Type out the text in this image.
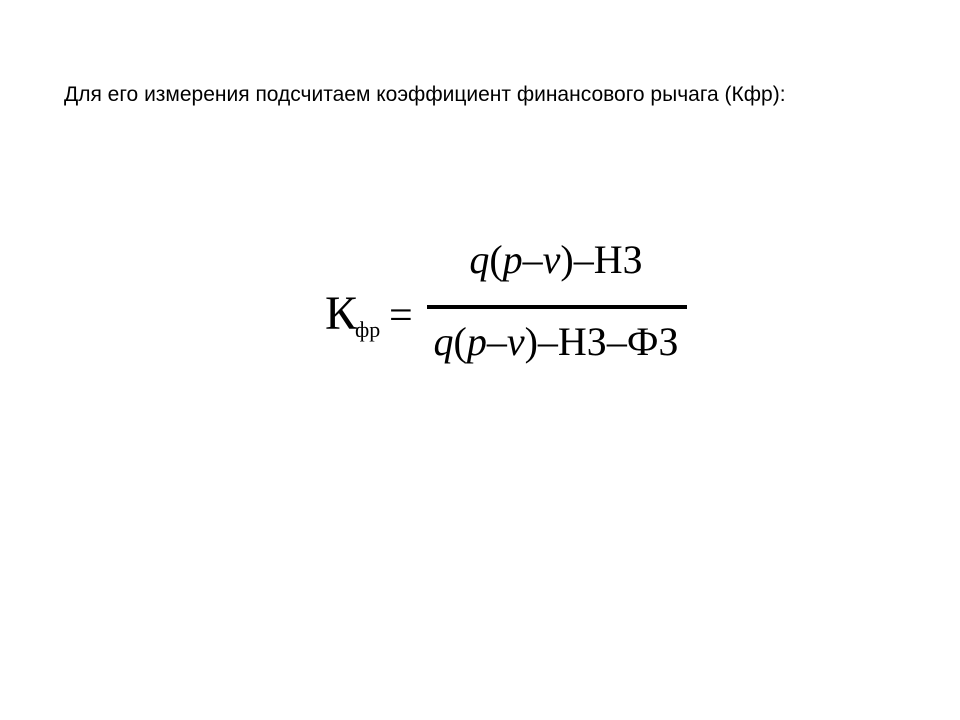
Для его измерения подсчитаем коэффициент финансового рычага (Кфр):
$К_{фр}$ =
q(p–v)–НЗ
q(p–v)–НЗ–ФЗ
